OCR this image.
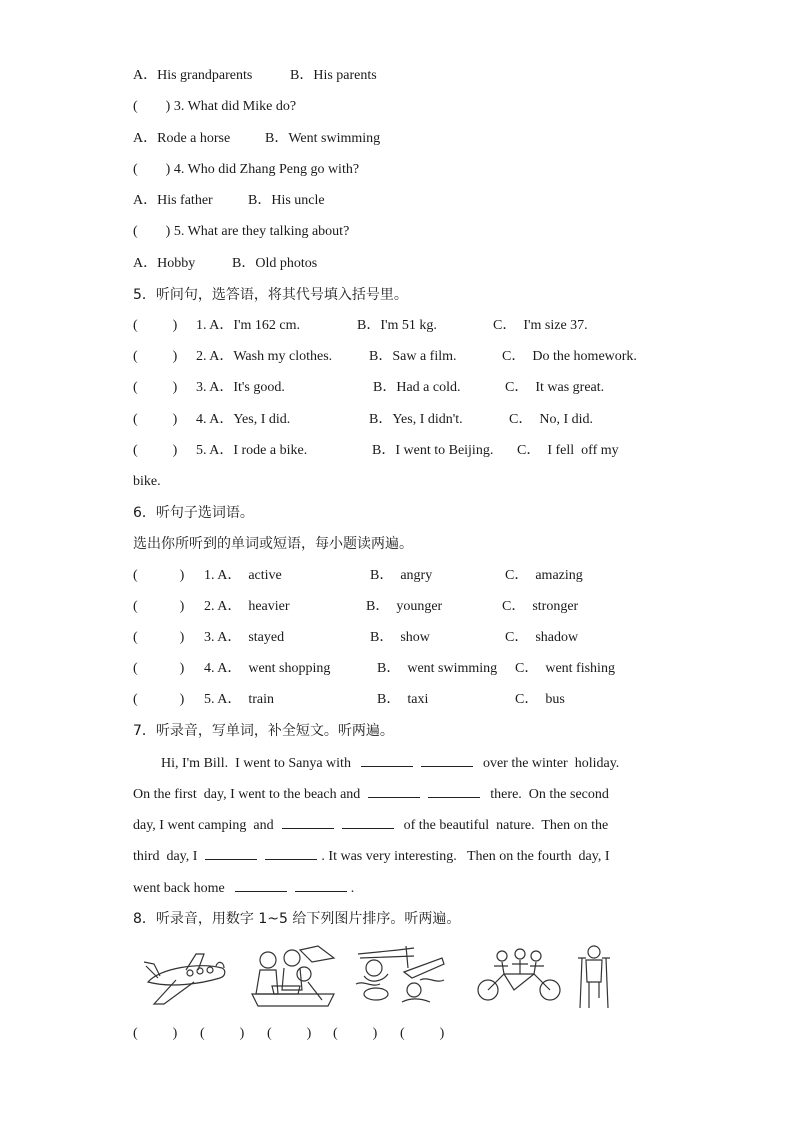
A．His grandparents	B．His parents
(        ) 3. What did Mike do?
A．Rode a horse B．Went swimming
(        ) 4. Who did Zhang Peng go with?
A．His father	B．His uncle
(        ) 5. What are they talking about?
A．Hobby	B．Old photos
5．听问句，选答语，将其代号填入括号里。
(          ) 1. A．I'm 162 cm.	B．I'm 51 kg.	C．  I'm size 37.
(          ) 2. A．Wash my clothes.	B．Saw a film.	C．  Do the homework.
(          ) 3. A．It's good.	B．Had a cold.	C．  It was great.
(          ) 4. A．Yes, I did.	B．Yes, I didn't.	C．  No, I did.
(          ) 5. A．I rode a bike.	B．I went to Beijing. C．  I fell  off my
bike.
6．听句子选词语。
选出你所听到的单词或短语，每小题读两遍。
(            ) 1. A．  active	B．  angry	C．  amazing
(            ) 2. A．  heavier	B．  younger	C．  stronger
(            ) 3. A．  stayed	B．  show	C．  shadow
(            ) 4. A．  went shopping	B．  went swimming C．  went fishing
(            ) 5. A．  train	B．  taxi	C．  bus
7．听录音，写单词，补全短文。听两遍。
Hi, I'm Bill.  I went to Sanya with	over the winter  holiday.
On the first  day, I went to the beach and	there.  On the second
day, I went camping  and	of the beautiful  nature.  Then on the
third  day, I	. It was very interesting.   Then on the fourth  day, I
went back home	.
8．听录音，用数字 1~5 给下列图片排序。听两遍。
(          ) (          ) (          ) (          ) (          )
